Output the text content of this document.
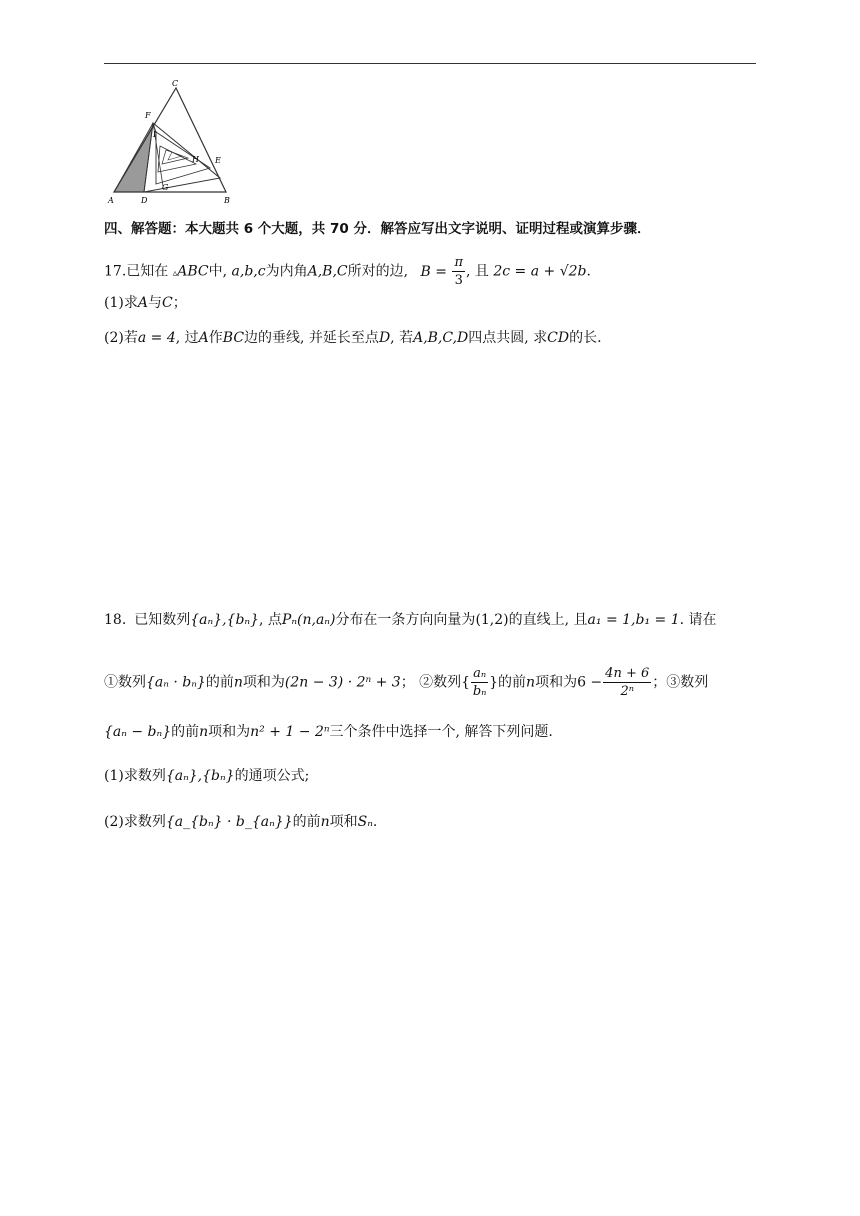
C
F
I
H E
G
A	D	B
四、解答题：本大题共 6 个大题，共 70 分．解答应写出文字说明、证明过程或演算步骤．
17.已知在 ▵ABC中, a,b,c为内角A,B,C所对的边, $B = \frac{\pi}{3}$ , 且 2c = a + √2b.
(1)求A与C；
(2)若a = 4, 过A作BC边的垂线, 并延长至点D, 若A,B,C,D四点共圆, 求CD的长.
18. 已知数列{aₙ},{bₙ}, 点Pₙ(n,aₙ)分布在一条方向向量为(1,2)的直线上, 且a₁ = 1,b₁ = 1. 请在
①数列{aₙ · bₙ}的前n项和为(2n − 3) · 2ⁿ + 3； ②数列{ $\frac{\text{aₙ}}{\text{bₙ}}$ }的前n项和为$6 - \frac{4n + 6}{\text{2ⁿ}}$ ；③数列
{aₙ − bₙ}的前n项和为n² + 1 − 2ⁿ三个条件中选择一个, 解答下列问题.
(1)求数列{aₙ},{bₙ}的通项公式;
(2)求数列{a_{bₙ} · b_{aₙ}}的前n项和Sₙ.
